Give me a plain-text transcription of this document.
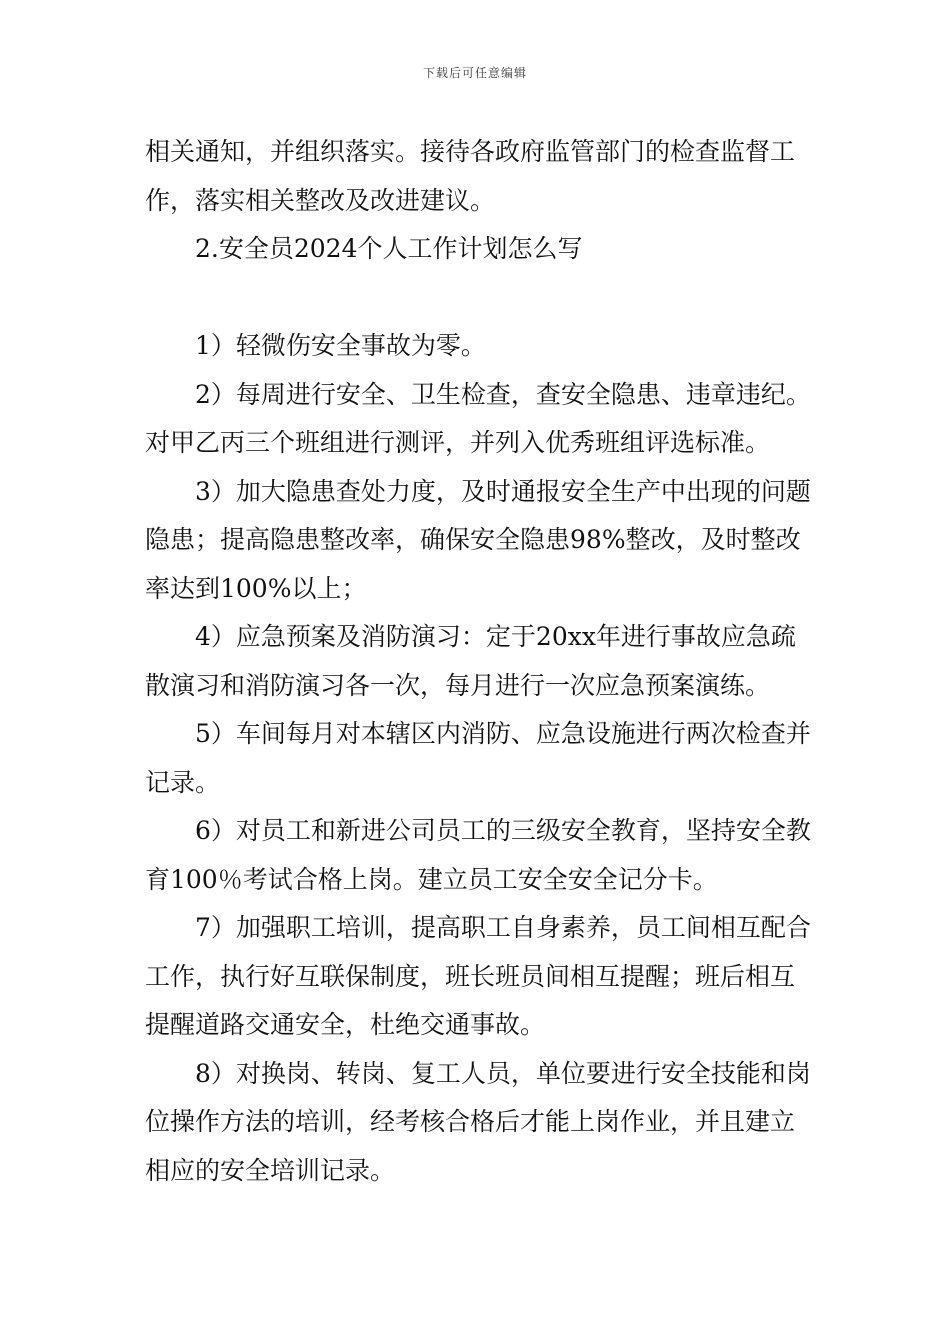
下载后可任意编辑

相关通知，并组织落实。接待各政府监管部门的检查监督工作，落实相关整改及改进建议。

2.安全员2024个人工作计划怎么写

1）轻微伤安全事故为零。

2）每周进行安全、卫生检查，查安全隐患、违章违纪。对甲乙丙三个班组进行测评，并列入优秀班组评选标准。

3）加大隐患查处力度，及时通报安全生产中出现的问题隐患；提高隐患整改率，确保安全隐患98%整改，及时整改率达到100%以上；

4）应急预案及消防演习：定于20xx年进行事故应急疏散演习和消防演习各一次，每月进行一次应急预案演练。

5）车间每月对本辖区内消防、应急设施进行两次检查并记录。

6）对员工和新进公司员工的三级安全教育，坚持安全教育100％考试合格上岗。建立员工安全安全记分卡。

7）加强职工培训，提高职工自身素养，员工间相互配合工作，执行好互联保制度，班长班员间相互提醒；班后相互提醒道路交通安全，杜绝交通事故。

8）对换岗、转岗、复工人员，单位要进行安全技能和岗位操作方法的培训，经考核合格后才能上岗作业，并且建立相应的安全培训记录。
